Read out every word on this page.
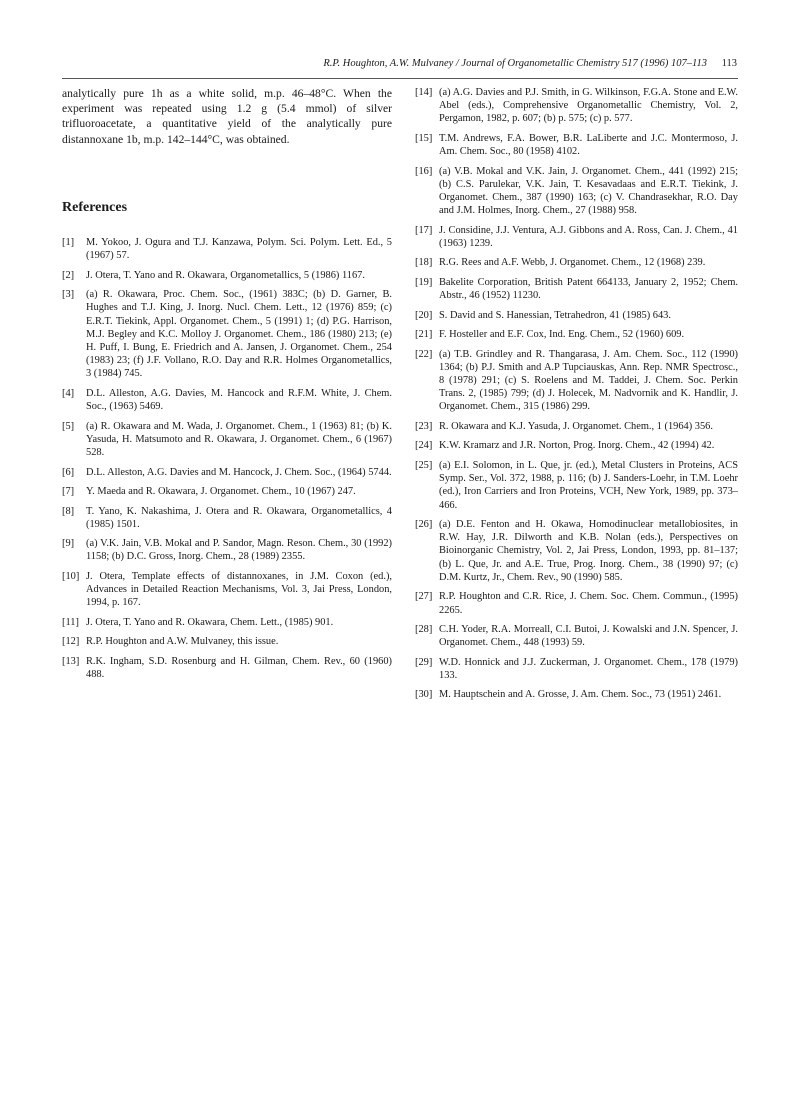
R.P. Houghton, A.W. Mulvaney / Journal of Organometallic Chemistry 517 (1996) 107–113 113

analytically pure 1h as a white solid, m.p. 46–48°C. When the experiment was repeated using 1.2 g (5.4 mmol) of silver trifluoroacetate, a quantitative yield of the analytically pure distannoxane 1b, m.p. 142–144°C, was obtained.

References
[1] M. Yokoo, J. Ogura and T.J. Kanzawa, Polym. Sci. Polym. Lett. Ed., 5 (1967) 57.
[2] J. Otera, T. Yano and R. Okawara, Organometallics, 5 (1986) 1167.
[3] (a) R. Okawara, Proc. Chem. Soc., (1961) 383C; (b) D. Garner, B. Hughes and T.J. King, J. Inorg. Nucl. Chem. Lett., 12 (1976) 859; (c) E.R.T. Tiekink, Appl. Organomet. Chem., 5 (1991) 1; (d) P.G. Harrison, M.J. Begley and K.C. Molloy J. Organomet. Chem., 186 (1980) 213; (e) H. Puff, I. Bung, E. Friedrich and A. Jansen, J. Organomet. Chem., 254 (1983) 23; (f) J.F. Vollano, R.O. Day and R.R. Holmes Organometallics, 3 (1984) 745.
[4] D.L. Alleston, A.G. Davies, M. Hancock and R.F.M. White, J. Chem. Soc., (1963) 5469.
[5] (a) R. Okawara and M. Wada, J. Organomet. Chem., 1 (1963) 81; (b) K. Yasuda, H. Matsumoto and R. Okawara, J. Organomet. Chem., 6 (1967) 528.
[6] D.L. Alleston, A.G. Davies and M. Hancock, J. Chem. Soc., (1964) 5744.
[7] Y. Maeda and R. Okawara, J. Organomet. Chem., 10 (1967) 247.
[8] T. Yano, K. Nakashima, J. Otera and R. Okawara, Organometallics, 4 (1985) 1501.
[9] (a) V.K. Jain, V.B. Mokal and P. Sandor, Magn. Reson. Chem., 30 (1992) 1158; (b) D.C. Gross, Inorg. Chem., 28 (1989) 2355.
[10] J. Otera, Template effects of distannoxanes, in J.M. Coxon (ed.), Advances in Detailed Reaction Mechanisms, Vol. 3, Jai Press, London, 1994, p. 167.
[11] J. Otera, T. Yano and R. Okawara, Chem. Lett., (1985) 901.
[12] R.P. Houghton and A.W. Mulvaney, this issue.
[13] R.K. Ingham, S.D. Rosenburg and H. Gilman, Chem. Rev., 60 (1960) 488.
[14] (a) A.G. Davies and P.J. Smith, in G. Wilkinson, F.G.A. Stone and E.W. Abel (eds.), Comprehensive Organometallic Chemistry, Vol. 2, Pergamon, 1982, p. 607; (b) p. 575; (c) p. 577.
[15] T.M. Andrews, F.A. Bower, B.R. LaLiberte and J.C. Montermoso, J. Am. Chem. Soc., 80 (1958) 4102.
[16] (a) V.B. Mokal and V.K. Jain, J. Organomet. Chem., 441 (1992) 215; (b) C.S. Parulekar, V.K. Jain, T. Kesavadaas and E.R.T. Tiekink, J. Organomet. Chem., 387 (1990) 163; (c) V. Chandrasekhar, R.O. Day and J.M. Holmes, Inorg. Chem., 27 (1988) 958.
[17] J. Considine, J.J. Ventura, A.J. Gibbons and A. Ross, Can. J. Chem., 41 (1963) 1239.
[18] R.G. Rees and A.F. Webb, J. Organomet. Chem., 12 (1968) 239.
[19] Bakelite Corporation, British Patent 664133, January 2, 1952; Chem. Abstr., 46 (1952) 11230.
[20] S. David and S. Hanessian, Tetrahedron, 41 (1985) 643.
[21] F. Hosteller and E.F. Cox, Ind. Eng. Chem., 52 (1960) 609.
[22] (a) T.B. Grindley and R. Thangarasa, J. Am. Chem. Soc., 112 (1990) 1364; (b) P.J. Smith and A.P Tupciauskas, Ann. Rep. NMR Spectrosc., 8 (1978) 291; (c) S. Roelens and M. Taddei, J. Chem. Soc. Perkin Trans. 2, (1985) 799; (d) J. Holecek, M. Nadvornik and K. Handlir, J. Organomet. Chem., 315 (1986) 299.
[23] R. Okawara and K.J. Yasuda, J. Organomet. Chem., 1 (1964) 356.
[24] K.W. Kramarz and J.R. Norton, Prog. Inorg. Chem., 42 (1994) 42.
[25] (a) E.I. Solomon, in L. Que, jr. (ed.), Metal Clusters in Proteins, ACS Symp. Ser., Vol. 372, 1988, p. 116; (b) J. Sanders-Loehr, in T.M. Loehr (ed.), Iron Carriers and Iron Proteins, VCH, New York, 1989, pp. 373–466.
[26] (a) D.E. Fenton and H. Okawa, Homodinuclear metallobiosites, in R.W. Hay, J.R. Dilworth and K.B. Nolan (eds.), Perspectives on Bioinorganic Chemistry, Vol. 2, Jai Press, London, 1993, pp. 81–137; (b) L. Que, Jr. and A.E. True, Prog. Inorg. Chem., 38 (1990) 97; (c) D.M. Kurtz, Jr., Chem. Rev., 90 (1990) 585.
[27] R.P. Houghton and C.R. Rice, J. Chem. Soc. Chem. Commun., (1995) 2265.
[28] C.H. Yoder, R.A. Morreall, C.I. Butoi, J. Kowalski and J.N. Spencer, J. Organomet. Chem., 448 (1993) 59.
[29] W.D. Honnick and J.J. Zuckerman, J. Organomet. Chem., 178 (1979) 133.
[30] M. Hauptschein and A. Grosse, J. Am. Chem. Soc., 73 (1951) 2461.
